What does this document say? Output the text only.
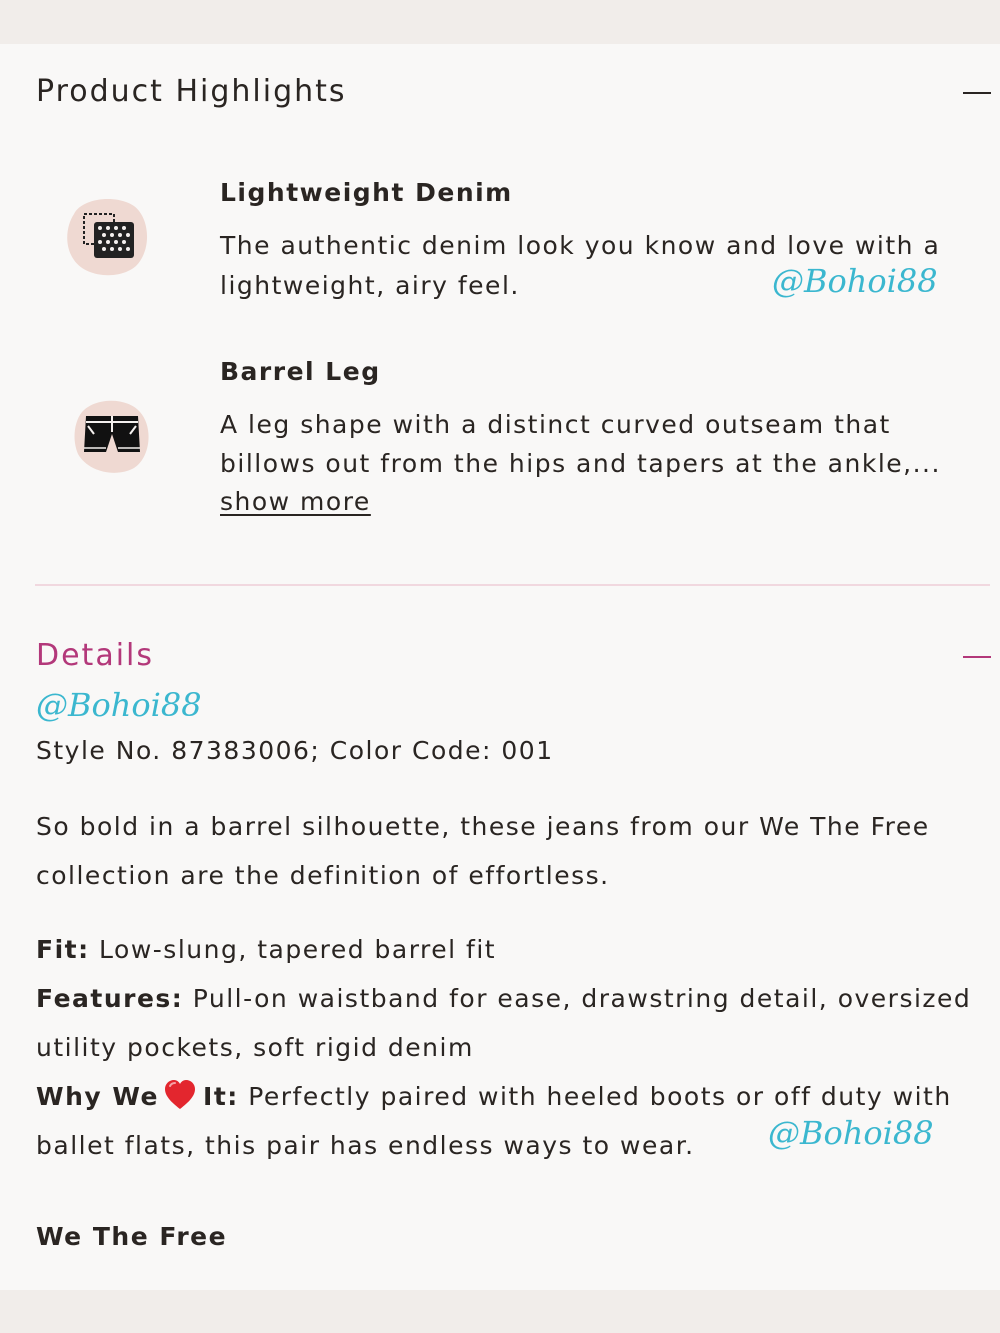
Product Highlights
Lightweight Denim

The authentic denim look you know and love with a lightweight, airy feel.	@Bohoi88
Barrel Leg

A leg shape with a distinct curved outseam that

billows out from the hips and tapers at the ankle,...

show more
Details
@Bohoi88

Style No. 87383006; Color Code: 001

So bold in a barrel silhouette, these jeans from our We The Free

collection are the definition of effortless.

Fit: Low-slung, tapered barrel fit

Features: Pull-on waistband for ease, drawstring detail, oversized

utility pockets, soft rigid denim

Why We It: Perfectly paired with heeled boots or off duty with

ballet flats, this pair has endless ways to wear.	@Bohoi88

We The Free
